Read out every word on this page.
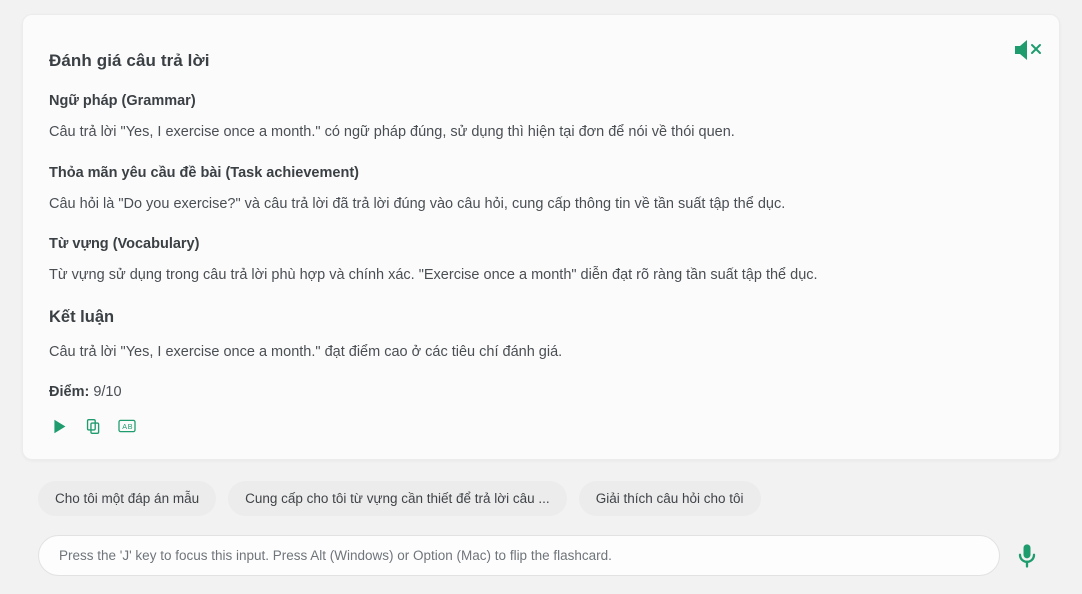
Đánh giá câu trả lời
Ngữ pháp (Grammar)

Câu trả lời "Yes, I exercise once a month." có ngữ pháp đúng, sử dụng thì hiện tại đơn để nói về thói quen.

Thỏa mãn yêu cầu đề bài (Task achievement)

Câu hỏi là "Do you exercise?" và câu trả lời đã trả lời đúng vào câu hỏi, cung cấp thông tin về tần suất tập thể dục.

Từ vựng (Vocabulary)

Từ vựng sử dụng trong câu trả lời phù hợp và chính xác. "Exercise once a month" diễn đạt rõ ràng tần suất tập thể dục.

Kết luận

Câu trả lời "Yes, I exercise once a month." đạt điểm cao ở các tiêu chí đánh giá.

Điểm: 9/10

A B
Cho tôi một đáp án mẫu	Cung cấp cho tôi từ vựng cần thiết để trả lời câu ...	Giải thích câu hỏi cho tôi
Press the 'J' key to focus this input. Press Alt (Windows) or Option (Mac) to flip the flashcard.
